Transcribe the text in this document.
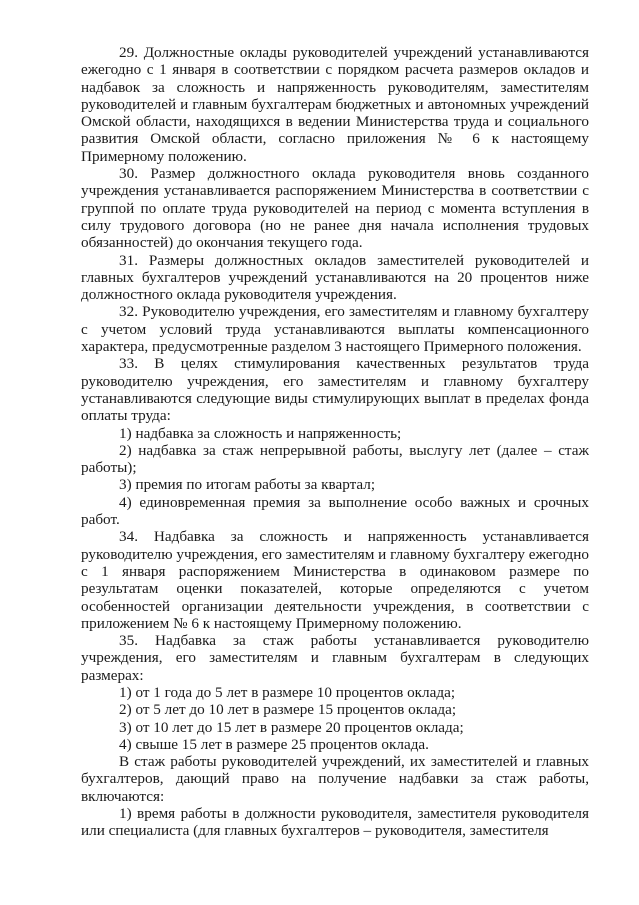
29. Должностные оклады руководителей учреждений устанавливаются ежегодно с 1 января в соответствии с порядком расчета размеров окладов и надбавок за сложность и напряженность руководителям, заместителям руководителей и главным бухгалтерам бюджетных и автономных учреждений Омской области, находящихся в ведении Министерства труда и социального развития Омской области, согласно приложения № 6 к настоящему Примерному положению.

30. Размер должностного оклада руководителя вновь созданного учреждения устанавливается распоряжением Министерства в соответствии с группой по оплате труда руководителей на период с момента вступления в силу трудового договора (но не ранее дня начала исполнения трудовых обязанностей) до окончания текущего года.

31. Размеры должностных окладов заместителей руководителей и главных бухгалтеров учреждений устанавливаются на 20 процентов ниже должностного оклада руководителя учреждения.

32. Руководителю учреждения, его заместителям и главному бухгалтеру с учетом условий труда устанавливаются выплаты компенсационного характера, предусмотренные разделом 3 настоящего Примерного положения.

33. В целях стимулирования качественных результатов труда руководителю учреждения, его заместителям и главному бухгалтеру устанавливаются следующие виды стимулирующих выплат в пределах фонда оплаты труда:

1) надбавка за сложность и напряженность;

2) надбавка за стаж непрерывной работы, выслугу лет (далее – стаж работы);

3) премия по итогам работы за квартал;

4) единовременная премия за выполнение особо важных и срочных работ.

34. Надбавка за сложность и напряженность устанавливается руководителю учреждения, его заместителям и главному бухгалтеру ежегодно с 1 января распоряжением Министерства в одинаковом размере по результатам оценки показателей, которые определяются с учетом особенностей организации деятельности учреждения, в соответствии с приложением № 6 к настоящему Примерному положению.

35. Надбавка за стаж работы устанавливается руководителю учреждения, его заместителям и главным бухгалтерам в следующих размерах:

1) от 1 года до 5 лет в размере 10 процентов оклада;

2) от 5 лет до 10 лет в размере 15 процентов оклада;

3) от 10 лет до 15 лет в размере 20 процентов оклада;

4) свыше 15 лет в размере 25 процентов оклада.

В стаж работы руководителей учреждений, их заместителей и главных бухгалтеров, дающий право на получение надбавки за стаж работы, включаются:

1) время работы в должности руководителя, заместителя руководителя или специалиста (для главных бухгалтеров – руководителя, заместителя
